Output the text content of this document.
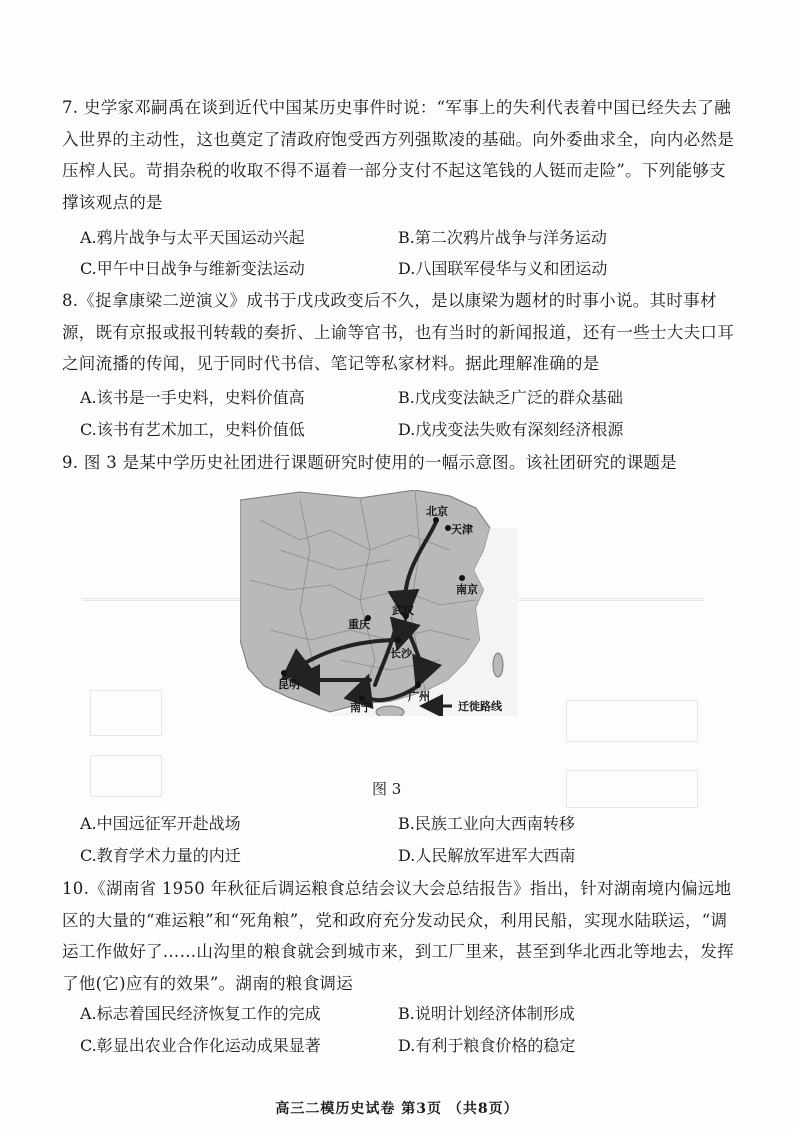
7. 史学家邓嗣禹在谈到近代中国某历史事件时说：“军事上的失利代表着中国已经失去了融入世界的主动性，这也奠定了清政府饱受西方列强欺凌的基础。向外委曲求全，向内必然是压榨人民。苛捐杂税的收取不得不逼着一部分支付不起这笔钱的人铤而走险”。下列能够支撑该观点的是

A.鸦片战争与太平天国运动兴起	B.第二次鸦片战争与洋务运动
C.甲午中日战争与维新变法运动	D.八国联军侵华与义和团运动

8.《捉拿康梁二逆演义》成书于戊戌政变后不久，是以康梁为题材的时事小说。其时事材源，既有京报或报刊转载的奏折、上谕等官书，也有当时的新闻报道，还有一些士大夫口耳之间流播的传闻，见于同时代书信、笔记等私家材料。据此理解准确的是

A.该书是一手史料，史料价值高	B.戊戌变法缺乏广泛的群众基础
C.该书有艺术加工，史料价值低	D.戊戌变法失败有深刻经济根源

9. 图 3 是某中学历史社团进行课题研究时使用的一幅示意图。该社团研究的课题是

北京
天津
南京
武汉
重庆
长沙
昆明
南宁
广州
迁徙路线
图 3
A.中国远征军开赴战场	B.民族工业向大西南转移
C.教育学术力量的内迁	D.人民解放军进军大西南

10.《湖南省 1950 年秋征后调运粮食总结会议大会总结报告》指出，针对湖南境内偏远地区的大量的“难运粮”和“死角粮”，党和政府充分发动民众，利用民船，实现水陆联运，“调运工作做好了……山沟里的粮食就会到城市来，到工厂里来，甚至到华北西北等地去，发挥了他(它)应有的效果”。湖南的粮食调运

A.标志着国民经济恢复工作的完成	B.说明计划经济体制形成
C.彰显出农业合作化运动成果显著	D.有利于粮食价格的稳定
高三二模历史试卷 第3页 （共8页）
